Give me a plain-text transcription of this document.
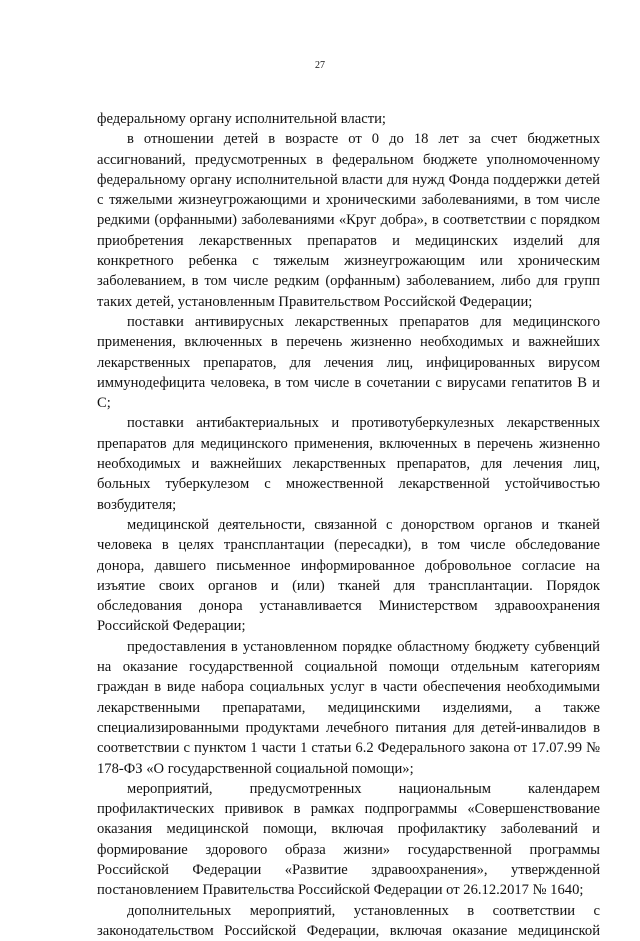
27

федеральному органу исполнительной власти;

в отношении детей в возрасте от 0 до 18 лет за счет бюджетных ассигнований, предусмотренных в федеральном бюджете уполномоченному федеральному органу исполнительной власти для нужд Фонда поддержки детей с тяжелыми жизнеугрожающими и хроническими заболеваниями, в том числе редкими (орфанными) заболеваниями «Круг добра», в соответствии с порядком приобретения лекарственных препаратов и медицинских изделий для конкретного ребенка с тяжелым жизнеугрожающим или хроническим заболеванием, в том числе редким (орфанным) заболеванием, либо для групп таких детей, установленным Правительством Российской Федерации;

поставки антивирусных лекарственных препаратов для медицинского применения, включенных в перечень жизненно необходимых и важнейших лекарственных препаратов, для лечения лиц, инфицированных вирусом иммунодефицита человека, в том числе в сочетании с вирусами гепатитов B и C;

поставки антибактериальных и противотуберкулезных лекарственных препаратов для медицинского применения, включенных в перечень жизненно необходимых и важнейших лекарственных препаратов, для лечения лиц, больных туберкулезом с множественной лекарственной устойчивостью возбудителя;

медицинской деятельности, связанной с донорством органов и тканей человека в целях трансплантации (пересадки), в том числе обследование донора, давшего письменное информированное добровольное согласие на изъятие своих органов и (или) тканей для трансплантации. Порядок обследования донора устанавливается Министерством здравоохранения Российской Федерации;

предоставления в установленном порядке областному бюджету субвенций на оказание государственной социальной помощи отдельным категориям граждан в виде набора социальных услуг в части обеспечения необходимыми лекарственными препаратами, медицинскими изделиями, а также специализированными продуктами лечебного питания для детей-инвалидов в соответствии с пунктом 1 части 1 статьи 6.2 Федерального закона от 17.07.99 № 178-ФЗ «О государственной социальной помощи»;

мероприятий, предусмотренных национальным календарем профилактических прививок в рамках подпрограммы «Совершенствование оказания медицинской помощи, включая профилактику заболеваний и формирование здорового образа жизни» государственной программы Российской Федерации «Развитие здравоохранения», утвержденной постановлением Правительства Российской Федерации от 26.12.2017 № 1640;

дополнительных мероприятий, установленных в соответствии с законодательством Российской Федерации, включая оказание медицинской
